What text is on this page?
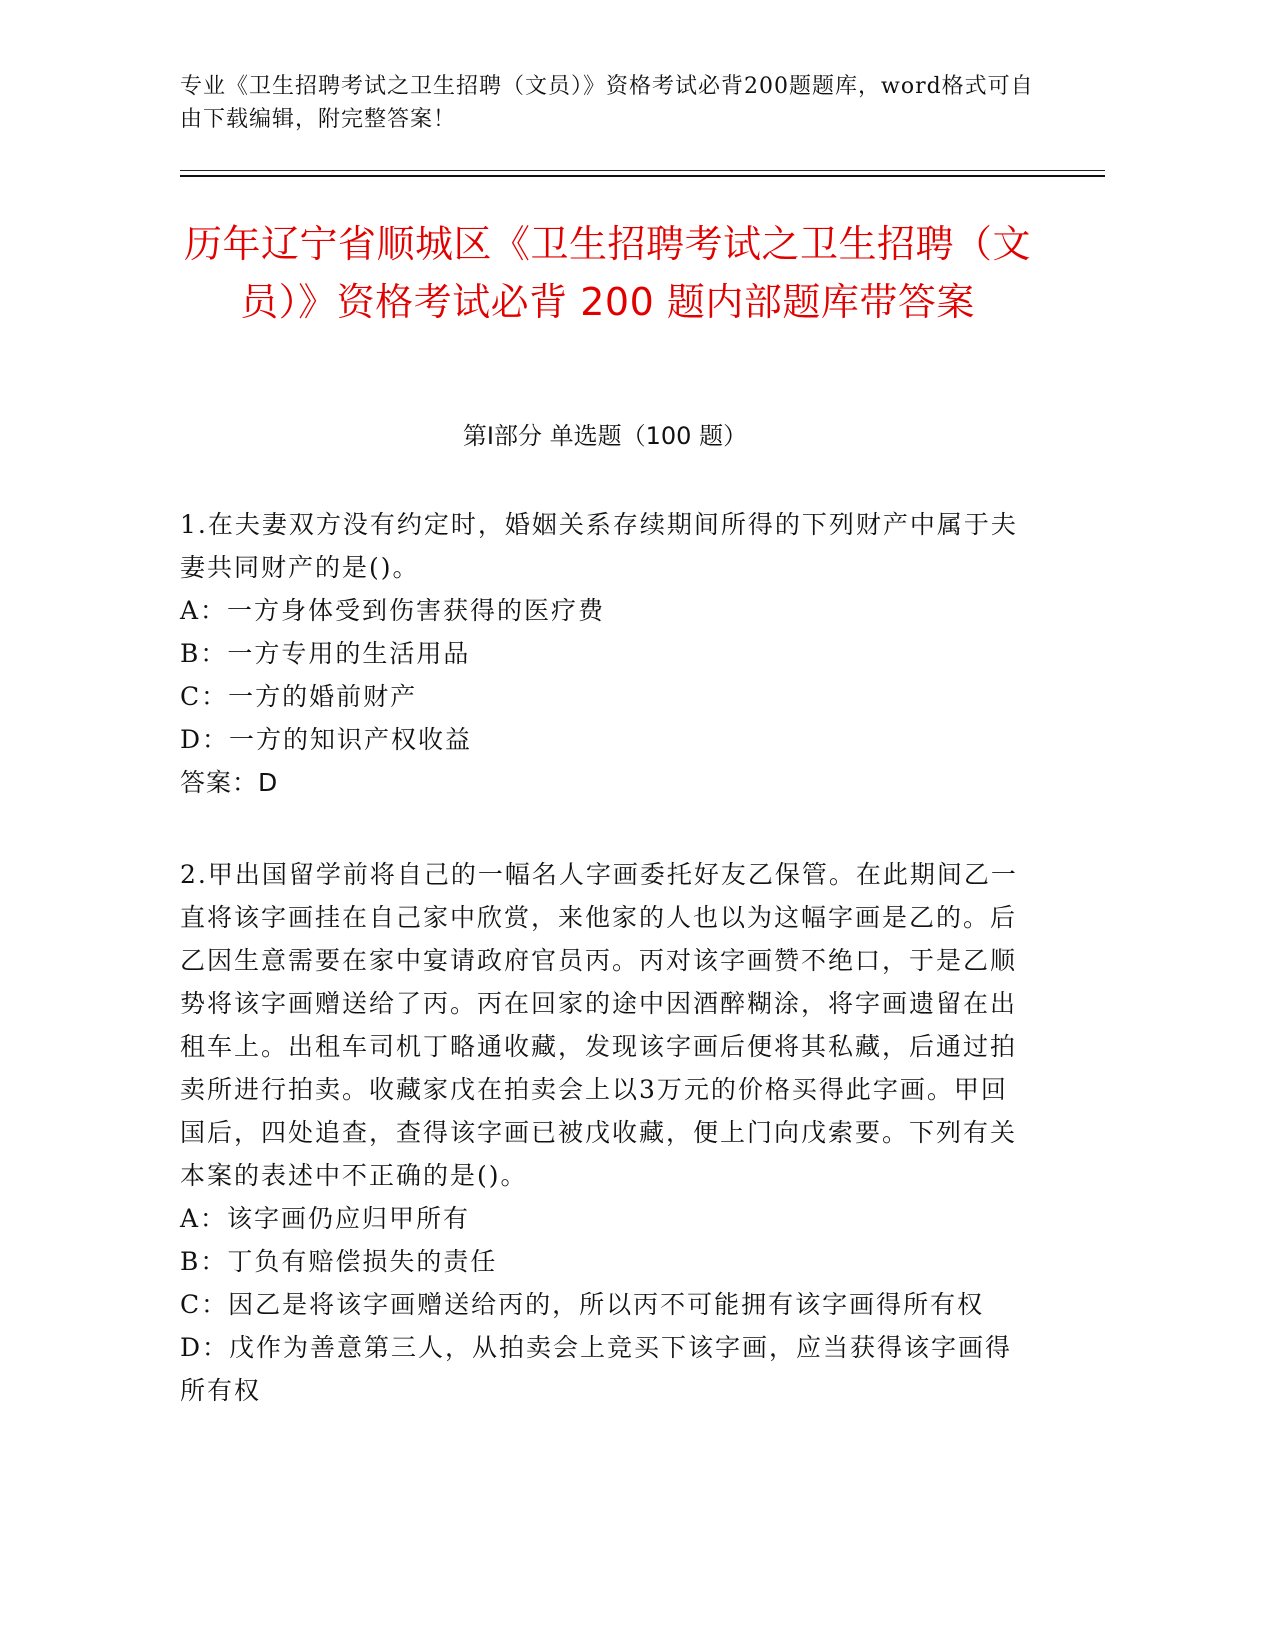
专业《卫生招聘考试之卫生招聘（文员）》资格考试必背200题题库，word格式可自由下载编辑，附完整答案！
历年辽宁省顺城区《卫生招聘考试之卫生招聘（文员）》资格考试必背 200 题内部题库带答案
第Ⅰ部分 单选题（100 题）

1.在夫妻双方没有约定时，婚姻关系存续期间所得的下列财产中属于夫妻共同财产的是()。

A：一方身体受到伤害获得的医疗费

B：一方专用的生活用品

C：一方的婚前财产

D：一方的知识产权收益

答案：D

2.甲出国留学前将自己的一幅名人字画委托好友乙保管。在此期间乙一直将该字画挂在自己家中欣赏，来他家的人也以为这幅字画是乙的。后乙因生意需要在家中宴请政府官员丙。丙对该字画赞不绝口，于是乙顺势将该字画赠送给了丙。丙在回家的途中因酒醉糊涂，将字画遗留在出租车上。出租车司机丁略通收藏，发现该字画后便将其私藏，后通过拍卖所进行拍卖。收藏家戊在拍卖会上以3万元的价格买得此字画。甲回国后，四处追查，查得该字画已被戊收藏，便上门向戊索要。下列有关本案的表述中不正确的是()。

A：该字画仍应归甲所有

B：丁负有赔偿损失的责任

C：因乙是将该字画赠送给丙的，所以丙不可能拥有该字画得所有权

D：戊作为善意第三人，从拍卖会上竞买下该字画，应当获得该字画得所有权
